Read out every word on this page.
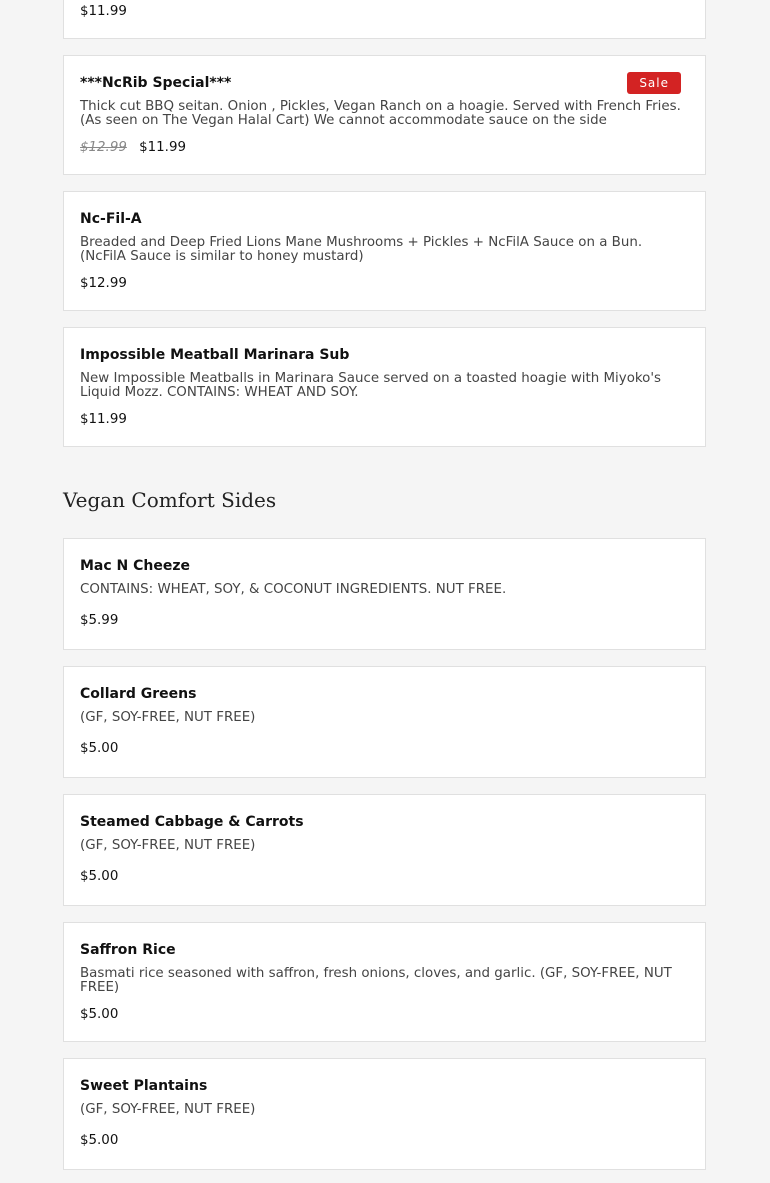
$11.99
***NcRib Special***	Sale
Thick cut BBQ seitan. Onion , Pickles, Vegan Ranch on a hoagie. Served with French Fries. (As seen on The Vegan Halal Cart) We cannot accommodate sauce on the side
$12.99 $11.99
Nc-Fil-A
Breaded and Deep Fried Lions Mane Mushrooms + Pickles + NcFilA Sauce on a Bun. (NcFilA Sauce is similar to honey mustard)
$12.99
Impossible Meatball Marinara Sub
New Impossible Meatballs in Marinara Sauce served on a toasted hoagie with Miyoko's Liquid Mozz. CONTAINS: WHEAT AND SOY.
$11.99
Vegan Comfort Sides
Mac N Cheeze
CONTAINS: WHEAT, SOY, & COCONUT INGREDIENTS. NUT FREE.
$5.99
Collard Greens
(GF, SOY-FREE, NUT FREE)
$5.00
Steamed Cabbage & Carrots
(GF, SOY-FREE, NUT FREE)
$5.00
Saffron Rice
Basmati rice seasoned with saffron, fresh onions, cloves, and garlic. (GF, SOY-FREE, NUT FREE)
$5.00
Sweet Plantains
(GF, SOY-FREE, NUT FREE)
$5.00
